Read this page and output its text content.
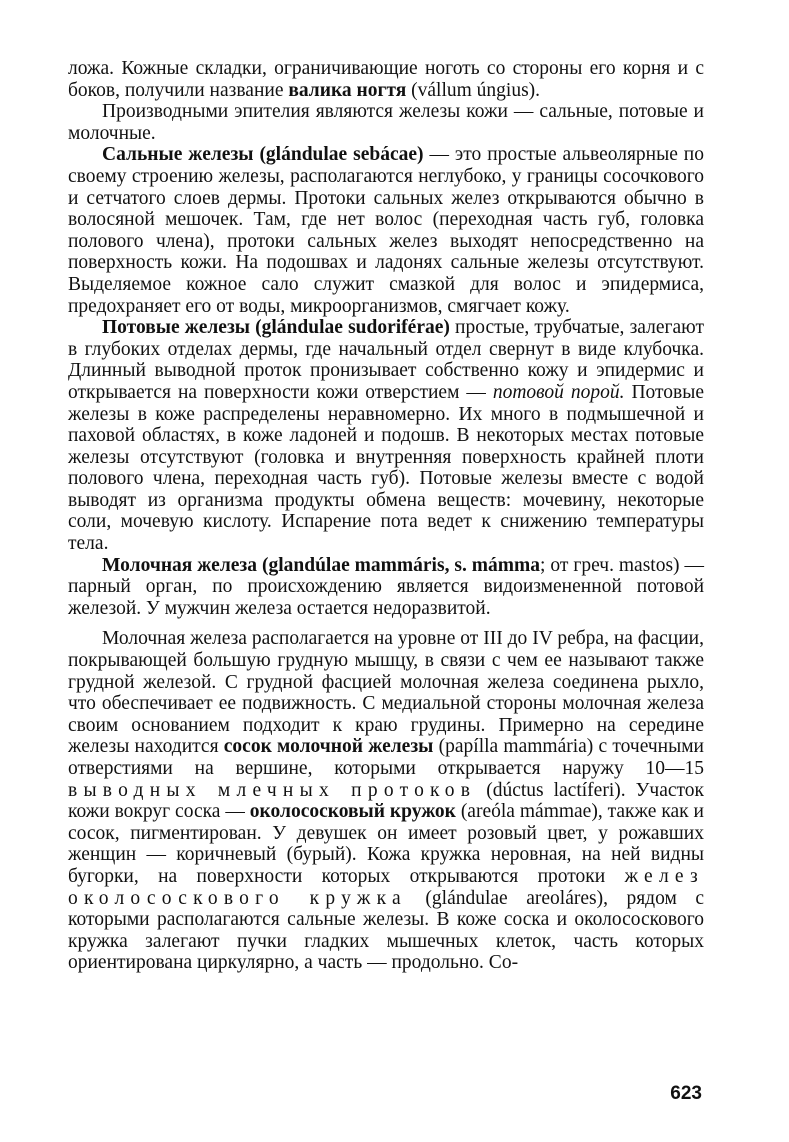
ложа. Кожные складки, ограничивающие ноготь со стороны его корня и с боков, получили название валика ногтя (vállum úngius).

Производными эпителия являются железы кожи — сальные, потовые и молочные.

Сальные железы (glándulae sebácae) — это простые альвеолярные по своему строению железы, располагаются неглубоко, у границы сосочкового и сетчатого слоев дермы. Протоки сальных желез открываются обычно в волосяной мешочек. Там, где нет волос (переходная часть губ, головка полового члена), протоки сальных желез выходят непосредственно на поверхность кожи. На подошвах и ладонях сальные железы отсутствуют. Выделяемое кожное сало служит смазкой для волос и эпидермиса, предохраняет его от воды, микроорганизмов, смягчает кожу.

Потовые железы (glándulae sudoriférae) простые, трубчатые, залегают в глубоких отделах дермы, где начальный отдел свернут в виде клубочка. Длинный выводной проток пронизывает собственно кожу и эпидермис и открывается на поверхности кожи отверстием — потовой порой. Потовые железы в коже распределены неравномерно. Их много в подмышечной и паховой областях, в коже ладоней и подошв. В некоторых местах потовые железы отсутствуют (головка и внутренняя поверхность крайней плоти полового члена, переходная часть губ). Потовые железы вместе с водой выводят из организма продукты обмена веществ: мочевину, некоторые соли, мочевую кислоту. Испарение пота ведет к снижению температуры тела.

Молочная железа (glandúlae mammáris, s. mámma; от греч. mastos) — парный орган, по происхождению является видоизмененной потовой железой. У мужчин железа остается недоразвитой.

Молочная железа располагается на уровне от III до IV ребра, на фасции, покрывающей большую грудную мышцу, в связи с чем ее называют также грудной железой. С грудной фасцией молочная железа соединена рыхло, что обеспечивает ее подвижность. С медиальной стороны молочная железа своим основанием подходит к краю грудины. Примерно на середине железы находится сосок молочной железы (papílla mammária) с точечными отверстиями на вершине, которыми открывается наружу 10—15 выводных млечных протоков (dúctus lactíferi). Участок кожи вокруг соска — околососковый кружок (areóla mámmae), также как и сосок, пигментирован. У девушек он имеет розовый цвет, у рожавших женщин — коричневый (бурый). Кожа кружка неровная, на ней видны бугорки, на поверхности которых открываются протоки желез околососкового кружка (glándulae areoláres), рядом с которыми располагаются сальные железы. В коже соска и околососкового кружка залегают пучки гладких мышечных клеток, часть которых ориентирована циркулярно, а часть — продольно. Со-

623
